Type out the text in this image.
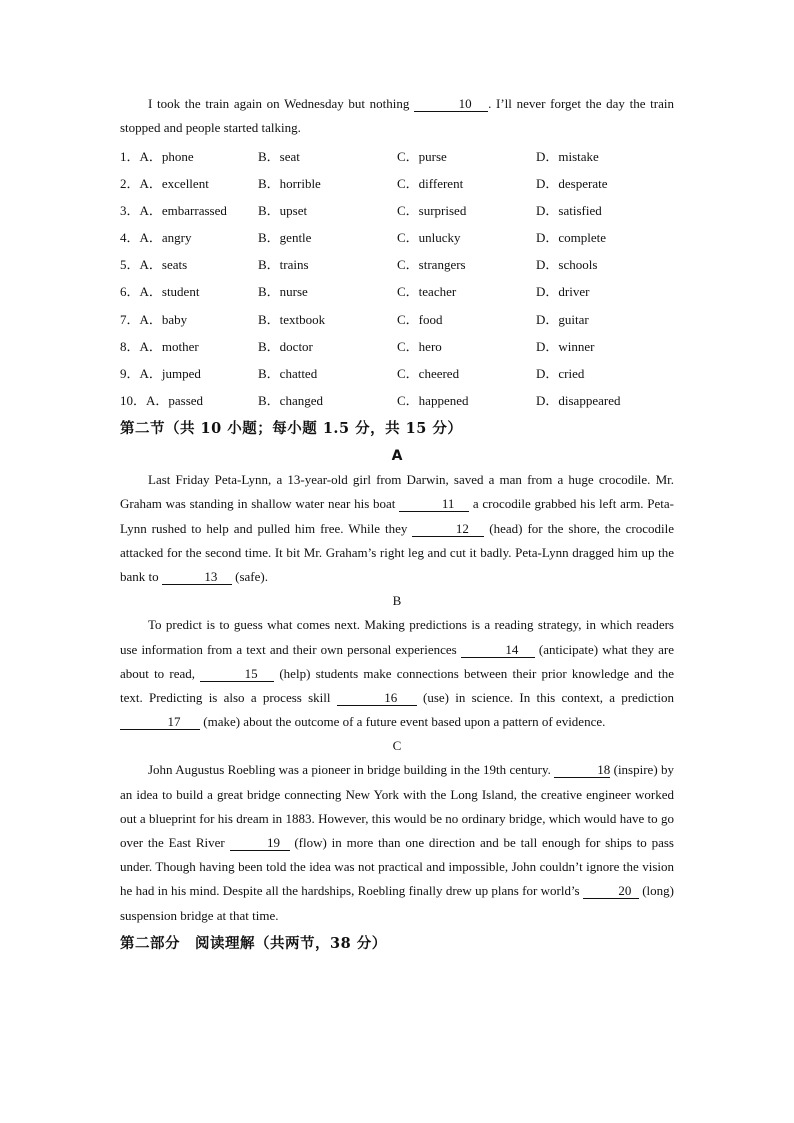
I took the train again on Wednesday but nothing	10 . I’ll never forget the day the train stopped and people started talking.

1．A．phone	B．seat	C．purse	D．mistake
2．A．excellent	B．horrible	C．different	D．desperate
3．A．embarrassed	B．upset	C．surprised	D．satisfied
4．A．angry	B．gentle	C．unlucky	D．complete
5．A．seats	B．trains	C．strangers	D．schools
6．A．student	B．nurse	C．teacher	D．driver
7．A．baby	B．textbook	C．food	D．guitar
8．A．mother	B．doctor	C．hero	D．winner
9．A．jumped	B．chatted	C．cheered	D．cried
10．A．passed	B．changed	C．happened	D．disappeared

第二节（共 10 小题；每小题 1.5 分，共 15 分）

A

Last Friday Peta-Lynn, a 13-year-old girl from Darwin, saved a man from a huge crocodile. Mr. Graham was standing in shallow water near his boat	11 a crocodile grabbed his left arm. Peta-Lynn rushed to help and pulled him free. While they	12 (head) for the shore, the crocodile attacked for the second time. It bit Mr. Graham’s right leg and cut it badly. Peta-Lynn dragged him up the bank to	13 (safe).

B

To predict is to guess what comes next. Making predictions is a reading strategy, in which readers use information from a text and their own personal experiences	14 (anticipate) what they are about to read,	15 (help) students make connections between their prior knowledge and the text. Predicting is also a process skill	16 (use) in science. In this context, a prediction 17 (make) about the outcome of a future event based upon a pattern of evidence.

C

John Augustus Roebling was a pioneer in bridge building in the 19th century.	18 (inspire) by an idea to build a great bridge connecting New York with the Long Island, the creative engineer worked out a blueprint for his dream in 1883. However, this would be no ordinary bridge, which would have to go over the East River	19 (flow) in more than one direction and be tall enough for ships to pass under. Though having been told the idea was not practical and impossible, John couldn’t ignore the vision he had in his mind. Despite all the hardships, Roebling finally drew up plans for world’s	20 (long) suspension bridge at that time.

第二部分　阅读理解（共两节，38 分）
